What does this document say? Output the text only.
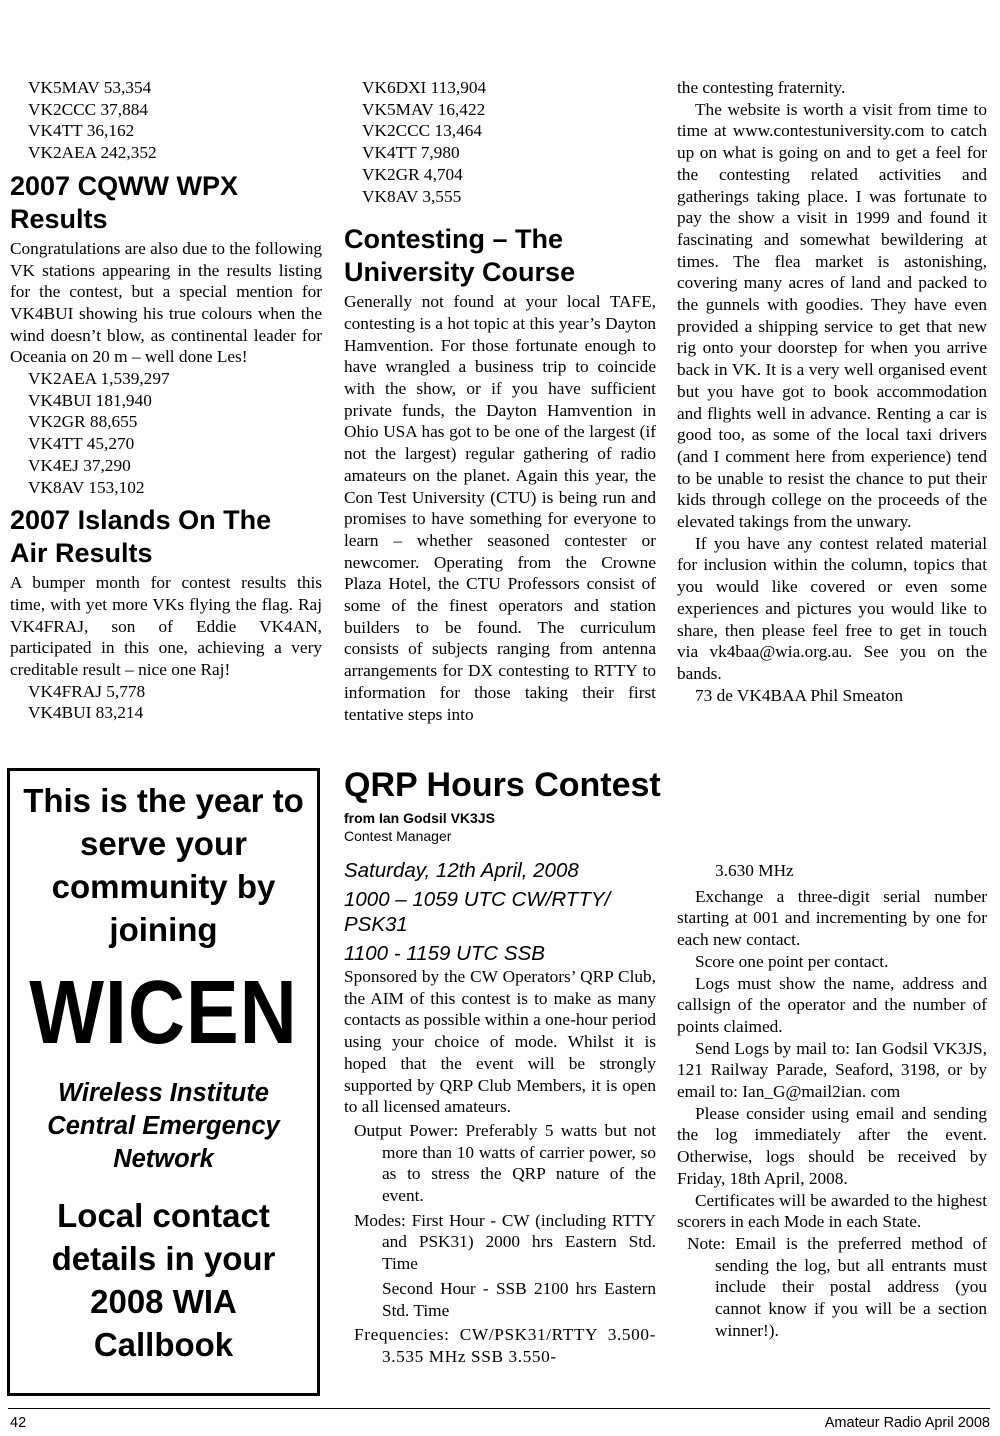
VK5MAV 53,354
VK2CCC 37,884
VK4TT 36,162
VK2AEA 242,352
2007 CQWW WPX Results

Congratulations are also due to the following VK stations appearing in the results listing for the contest, but a special mention for VK4BUI showing his true colours when the wind doesn’t blow, as continental leader for Oceania on 20 m – well done Les!

VK2AEA 1,539,297
VK4BUI 181,940
VK2GR 88,655
VK4TT 45,270
VK4EJ 37,290
VK8AV 153,102
2007 Islands On The Air Results

A bumper month for contest results this time, with yet more VKs flying the flag. Raj VK4FRAJ, son of Eddie VK4AN, participated in this one, achieving a very creditable result – nice one Raj!

VK4FRAJ 5,778
VK4BUI 83,214
This is the year to serve your community by joining
WICEN
Wireless Institute Central Emergency Network
Local contact details in your 2008 WIA Callbook
VK6DXI 113,904
VK5MAV 16,422
VK2CCC 13,464
VK4TT 7,980
VK2GR 4,704
VK8AV 3,555
Contesting – The University Course

Generally not found at your local TAFE, contesting is a hot topic at this year’s Dayton Hamvention. For those fortunate enough to have wrangled a business trip to coincide with the show, or if you have sufficient private funds, the Dayton Hamvention in Ohio USA has got to be one of the largest (if not the largest) regular gathering of radio amateurs on the planet. Again this year, the Con Test University (CTU) is being run and promises to have something for everyone to learn – whether seasoned contester or newcomer. Operating from the Crowne Plaza Hotel, the CTU Professors consist of some of the finest operators and station builders to be found. The curriculum consists of subjects ranging from antenna arrangements for DX contesting to RTTY to information for those taking their first tentative steps into

the contesting fraternity.

The website is worth a visit from time to time at www.contestuniversity.com to catch up on what is going on and to get a feel for the contesting related activities and gatherings taking place. I was fortunate to pay the show a visit in 1999 and found it fascinating and somewhat bewildering at times. The flea market is astonishing, covering many acres of land and packed to the gunnels with goodies. They have even provided a shipping service to get that new rig onto your doorstep for when you arrive back in VK. It is a very well organised event but you have got to book accommodation and flights well in advance. Renting a car is good too, as some of the local taxi drivers (and I comment here from experience) tend to be unable to resist the chance to put their kids through college on the proceeds of the elevated takings from the unwary.

If you have any contest related material for inclusion within the column, topics that you would like covered or even some experiences and pictures you would like to share, then please feel free to get in touch via vk4baa@wia.org.au. See you on the bands.

73 de VK4BAA Phil Smeaton

QRP Hours Contest
from Ian Godsil VK3JS
Contest Manager

Saturday, 12th April, 2008

1000 – 1059 UTC CW/RTTY/ PSK31

1100 - 1159 UTC SSB

Sponsored by the CW Operators’ QRP Club, the AIM of this contest is to make as many contacts as possible within a one-hour period using your choice of mode. Whilst it is hoped that the event will be strongly supported by QRP Club Members, it is open to all licensed amateurs.

Output Power: Preferably 5 watts but not more than 10 watts of carrier power, so as to stress the QRP nature of the event.

Modes: First Hour - CW (including RTTY and PSK31) 2000 hrs Eastern Std. Time

Second Hour - SSB 2100 hrs Eastern Std. Time

Frequencies: CW/PSK31/RTTY 3.500-3.535 MHz SSB 3.550-

3.630 MHz

Exchange a three-digit serial number starting at 001 and incrementing by one for each new contact.

Score one point per contact.

Logs must show the name, address and callsign of the operator and the number of points claimed.

Send Logs by mail to: Ian Godsil VK3JS, 121 Railway Parade, Seaford, 3198, or by email to: Ian_G@mail2ian. com

Please consider using email and sending the log immediately after the event. Otherwise, logs should be received by Friday, 18th April, 2008.

Certificates will be awarded to the highest scorers in each Mode in each State.

Note: Email is the preferred method of sending the log, but all entrants must include their postal address (you cannot know if you will be a section winner!).

42	Amateur Radio April 2008
